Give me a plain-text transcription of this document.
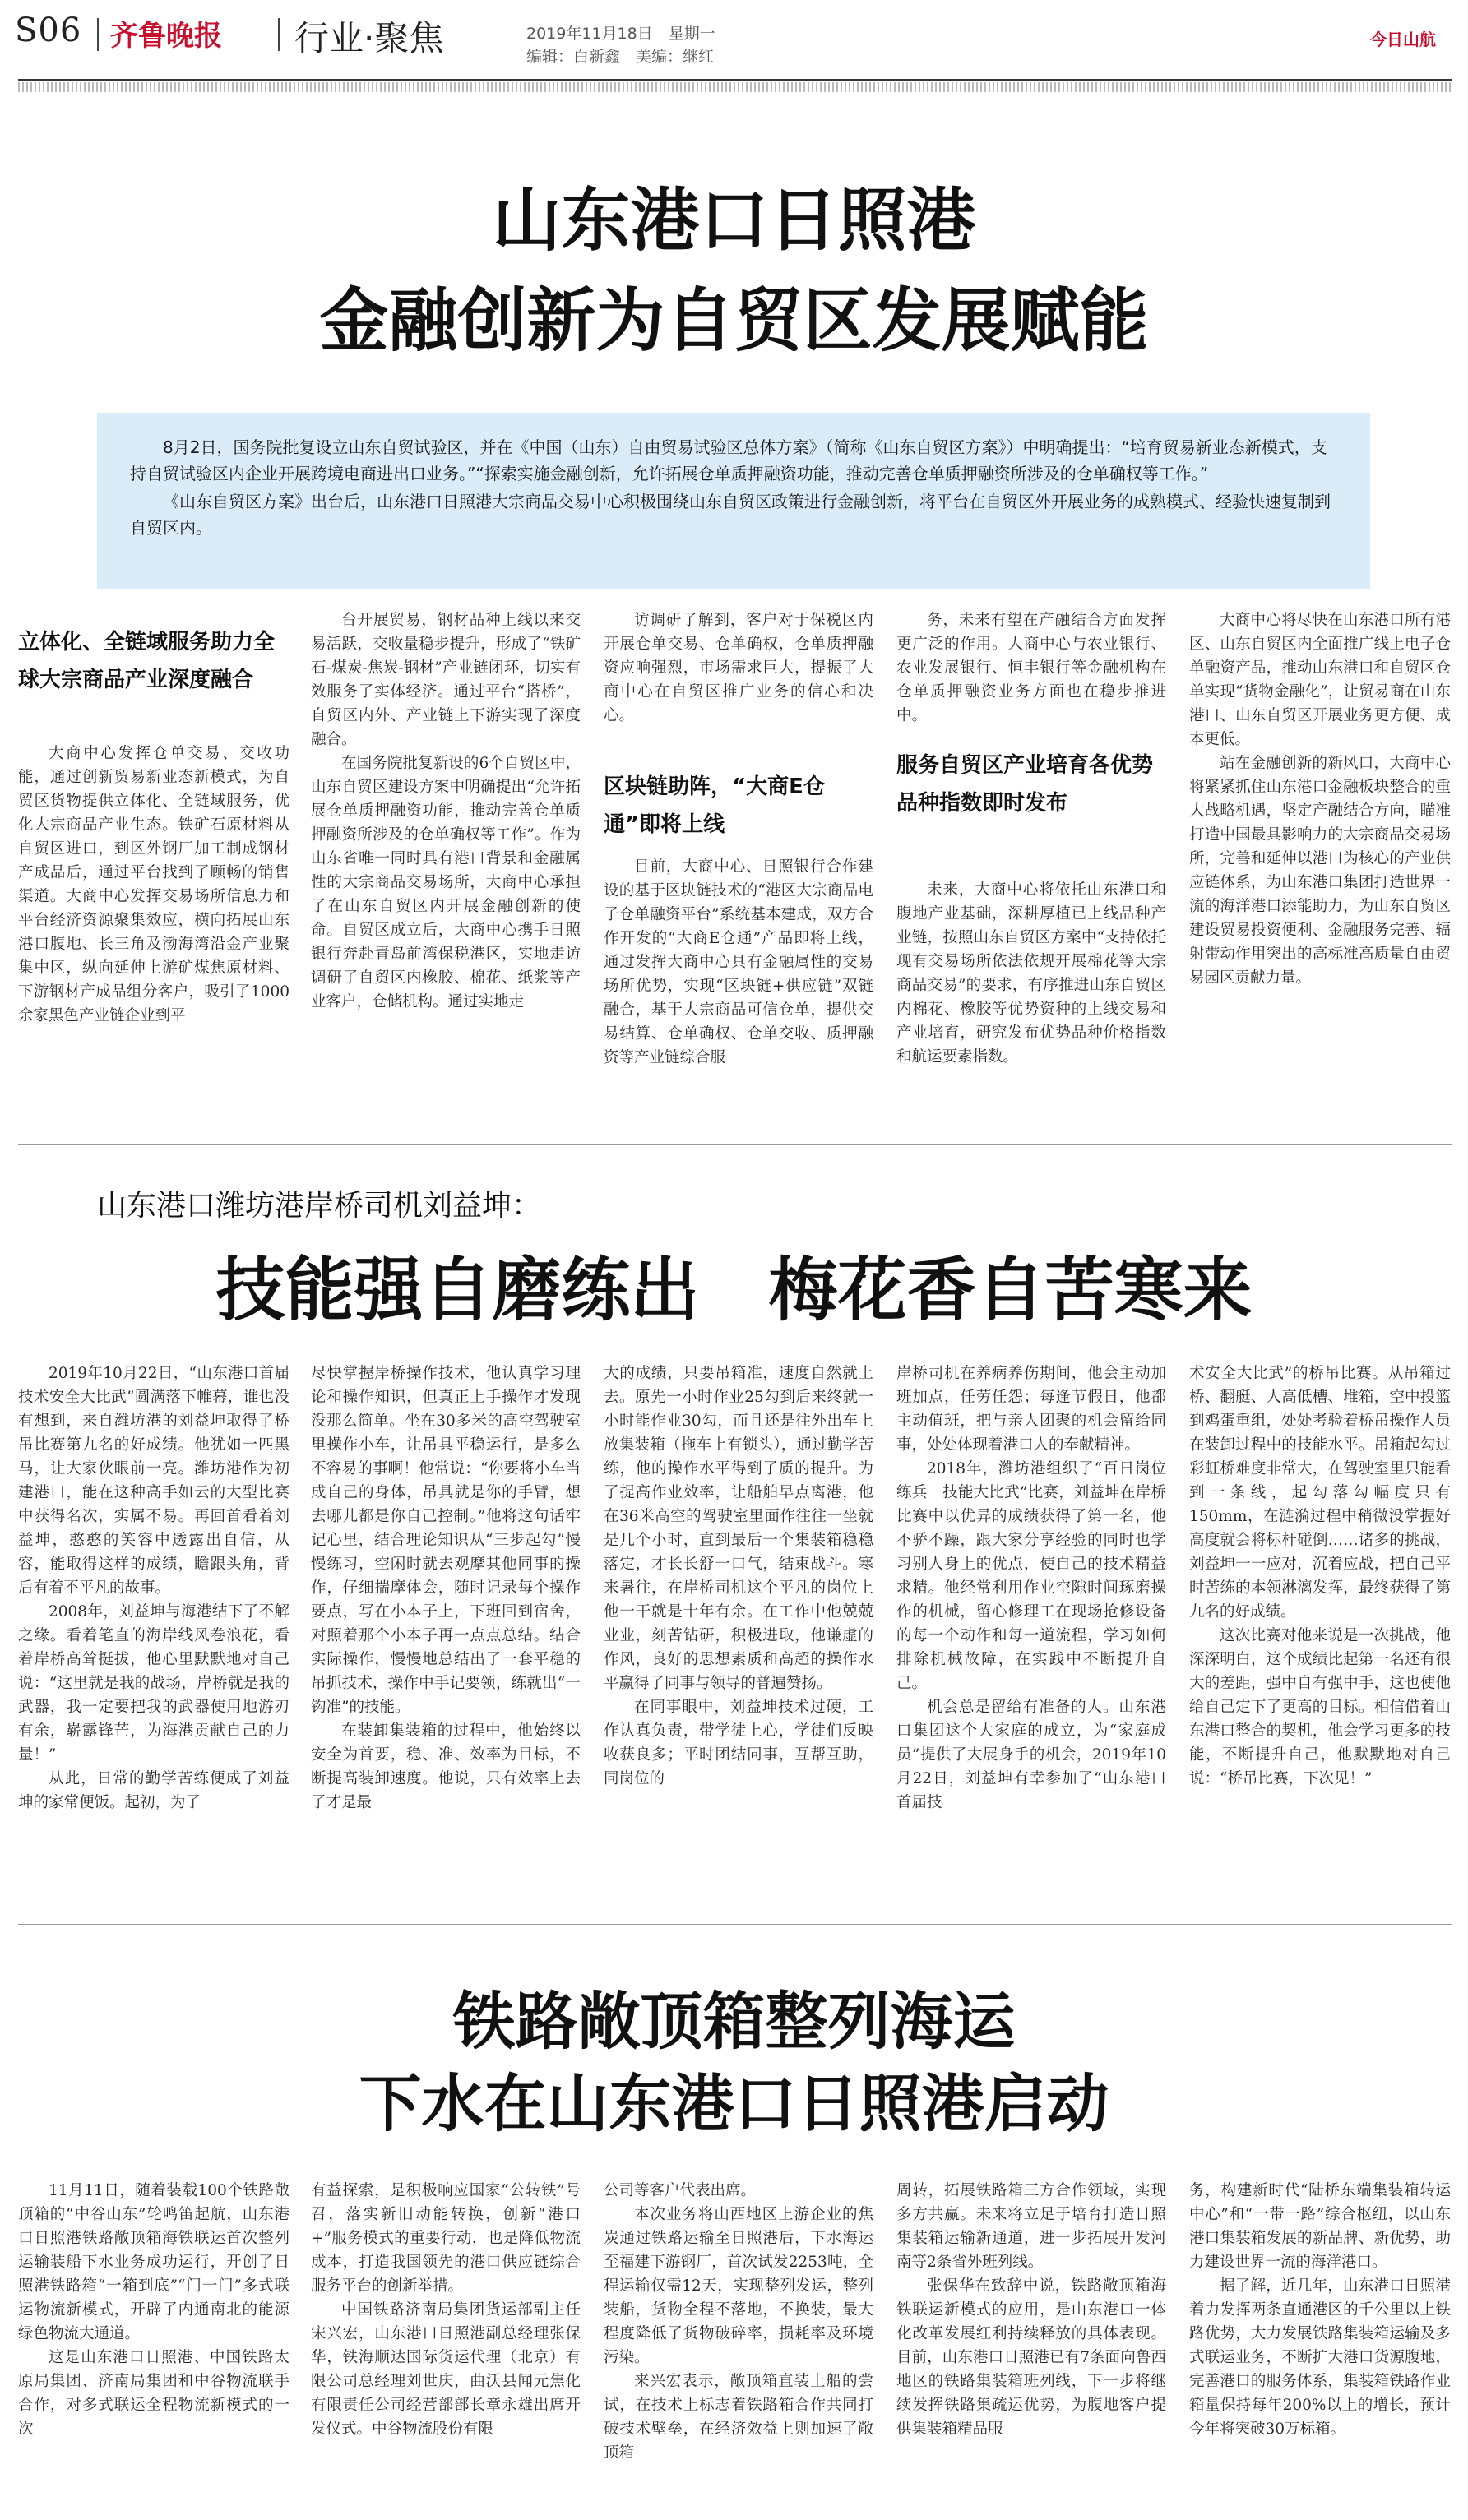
S06 齐鲁晚报 行业·聚焦	2019年11月18日　星期一
编辑：白新鑫　美编：继红
今日山航
山东港口日照港
金融创新为自贸区发展赋能

8月2日，国务院批复设立山东自贸试验区，并在《中国（山东）自由贸易试验区总体方案》（简称《山东自贸区方案》）中明确提出：“培育贸易新业态新模式，支持自贸试验区内企业开展跨境电商进出口业务。”“探索实施金融创新，允许拓展仓单质押融资功能，推动完善仓单质押融资所涉及的仓单确权等工作。”

《山东自贸区方案》出台后，山东港口日照港大宗商品交易中心积极围绕山东自贸区政策进行金融创新，将平台在自贸区外开展业务的成熟模式、经验快速复制到自贸区内。

立体化、全链域服务助力全球大宗商品产业深度融合

大商中心发挥仓单交易、交收功能，通过创新贸易新业态新模式，为自贸区货物提供立体化、全链域服务，优化大宗商品产业生态。铁矿石原材料从自贸区进口，到区外钢厂加工制成钢材产成品后，通过平台找到了顾畅的销售渠道。大商中心发挥交易场所信息力和平台经济资源聚集效应，横向拓展山东港口腹地、长三角及渤海湾沿金产业聚集中区，纵向延伸上游矿煤焦原材料、下游钢材产成品组分客户，吸引了1000余家黑色产业链企业到平

台开展贸易，钢材品种上线以来交易活跃，交收量稳步提升，形成了“铁矿石-煤炭-焦炭-钢材”产业链闭环，切实有效服务了实体经济。通过平台“搭桥”，自贸区内外、产业链上下游实现了深度融合。

在国务院批复新设的6个自贸区中，山东自贸区建设方案中明确提出“允许拓展仓单质押融资功能，推动完善仓单质押融资所涉及的仓单确权等工作”。作为山东省唯一同时具有港口背景和金融属性的大宗商品交易场所，大商中心承担了在山东自贸区内开展金融创新的使命。自贸区成立后，大商中心携手日照银行奔赴青岛前湾保税港区，实地走访调研了自贸区内橡胶、棉花、纸浆等产业客户，仓储机构。通过实地走

访调研了解到，客户对于保税区内开展仓单交易、仓单确权，仓单质押融资应响强烈，市场需求巨大，提振了大商中心在自贸区推广业务的信心和决心。

区块链助阵，“大商E仓通”即将上线

目前，大商中心、日照银行合作建设的基于区块链技术的“港区大宗商品电子仓单融资平台”系统基本建成，双方合作开发的“大商E仓通”产品即将上线，通过发挥大商中心具有金融属性的交易场所优势，实现“区块链+供应链”双链融合，基于大宗商品可信仓单，提供交易结算、仓单确权、仓单交收、质押融资等产业链综合服

务，未来有望在产融结合方面发挥更广泛的作用。大商中心与农业银行、农业发展银行、恒丰银行等金融机构在仓单质押融资业务方面也在稳步推进中。

服务自贸区产业培育各优势品种指数即时发布

未来，大商中心将依托山东港口和腹地产业基础，深耕厚植已上线品种产业链，按照山东自贸区方案中“支持依托现有交易场所依法依规开展棉花等大宗商品交易”的要求，有序推进山东自贸区内棉花、橡胶等优势资种的上线交易和产业培育，研究发布优势品种价格指数和航运要素指数。

大商中心将尽快在山东港口所有港区、山东自贸区内全面推广线上电子仓单融资产品，推动山东港口和自贸区仓单实现“货物金融化”，让贸易商在山东港口、山东自贸区开展业务更方便、成本更低。

站在金融创新的新风口，大商中心将紧紧抓住山东港口金融板块整合的重大战略机遇，坚定产融结合方向，瞄准打造中国最具影响力的大宗商品交易场所，完善和延伸以港口为核心的产业供应链体系，为山东港口集团打造世界一流的海洋港口添能助力，为山东自贸区建设贸易投资便利、金融服务完善、辐射带动作用突出的高标准高质量自由贸易园区贡献力量。

山东港口潍坊港岸桥司机刘益坤：
技能强自磨练出　梅花香自苦寒来

2019年10月22日，“山东港口首届技术安全大比武”圆满落下帷幕，谁也没有想到，来自潍坊港的刘益坤取得了桥吊比赛第九名的好成绩。他犹如一匹黑马，让大家伙眼前一亮。潍坊港作为初建港口，能在这种高手如云的大型比赛中获得名次，实属不易。再回首看着刘益坤，憨憨的笑容中透露出自信，从容，能取得这样的成绩，瞻跟头角，背后有着不平凡的故事。

2008年，刘益坤与海港结下了不解之缘。看着笔直的海岸线风卷浪花，看着岸桥高耸挺拔，他心里默默地对自己说：“这里就是我的战场，岸桥就是我的武器，我一定要把我的武器使用地游刃有余，崭露锋芒，为海港贡献自己的力量！”

从此，日常的勤学苦练便成了刘益坤的家常便饭。起初，为了

尽快掌握岸桥操作技术，他认真学习理论和操作知识，但真正上手操作才发现没那么简单。坐在30多米的高空驾驶室里操作小车，让吊具平稳运行，是多么不容易的事啊！他常说：“你要将小车当成自己的身体，吊具就是你的手臂，想去哪儿都是你自己控制。”他将这句话牢记心里，结合理论知识从“三步起勾”慢慢练习，空闲时就去观摩其他同事的操作，仔细揣摩体会，随时记录每个操作要点，写在小本子上，下班回到宿舍，对照着那个小本子再一点点总结。结合实际操作，慢慢地总结出了一套平稳的吊抓技术，操作中手记要领，练就出“一钩准”的技能。

在装卸集装箱的过程中，他始终以安全为首要，稳、准、效率为目标，不断提高装卸速度。他说，只有效率上去了才是最

大的成绩，只要吊箱准，速度自然就上去。原先一小时作业25勾到后来终就一小时能作业30勾，而且还是往外出车上放集装箱（拖车上有锁头），通过勤学苦练，他的操作水平得到了质的提升。为了提高作业效率，让船舶早点离港，他在36米高空的驾驶室里面作往往一坐就是几个小时，直到最后一个集装箱稳稳落定，才长长舒一口气，结束战斗。寒来暑往，在岸桥司机这个平凡的岗位上他一干就是十年有余。在工作中他兢兢业业，刻苦钻研，积极进取，他谦虚的作风，良好的思想素质和高超的操作水平赢得了同事与领导的普遍赞扬。

在同事眼中，刘益坤技术过硬，工作认真负责，带学徒上心，学徒们反映收获良多；平时团结同事，互帮互助，同岗位的

岸桥司机在养病养伤期间，他会主动加班加点，任劳任怨；每逢节假日，他都主动值班，把与亲人团聚的机会留给同事，处处体现着港口人的奉献精神。

2018年，潍坊港组织了“百日岗位练兵　技能大比武”比赛，刘益坤在岸桥比赛中以优异的成绩获得了第一名，他不骄不躁，跟大家分享经验的同时也学习别人身上的优点，使自己的技术精益求精。他经常利用作业空隙时间琢磨操作的机械，留心修理工在现场抢修设备的每一个动作和每一道流程，学习如何排除机械故障，在实践中不断提升自己。

机会总是留给有准备的人。山东港口集团这个大家庭的成立，为“家庭成员”提供了大展身手的机会，2019年10月22日，刘益坤有幸参加了“山东港口首届技

术安全大比武”的桥吊比赛。从吊箱过桥、翻艇、人高低槽、堆箱，空中投篮到鸡蛋重组，处处考验着桥吊操作人员在装卸过程中的技能水平。吊箱起勾过彩虹桥难度非常大，在驾驶室里只能看到一条线，起勾落勾幅度只有150mm，在涟漪过程中稍微没掌握好高度就会将标杆碰倒……诸多的挑战，刘益坤一一应对，沉着应战，把自己平时苦练的本领淋漓发挥，最终获得了第九名的好成绩。

这次比赛对他来说是一次挑战，他深深明白，这个成绩比起第一名还有很大的差距，强中自有强中手，这也使他给自己定下了更高的目标。相信借着山东港口整合的契机，他会学习更多的技能，不断提升自己，他默默地对自己说：“桥吊比赛，下次见！”

铁路敞顶箱整列海运
下水在山东港口日照港启动

11月11日，随着装载100个铁路敞顶箱的“中谷山东”轮鸣笛起航，山东港口日照港铁路敞顶箱海铁联运首次整列运输装船下水业务成功运行，开创了日照港铁路箱“一箱到底”“门一门”多式联运物流新模式，开辟了内通南北的能源绿色物流大通道。

这是山东港口日照港、中国铁路太原局集团、济南局集团和中谷物流联手合作，对多式联运全程物流新模式的一次

有益探索，是积极响应国家“公转铁”号召，落实新旧动能转换，创新“港口+”服务模式的重要行动，也是降低物流成本，打造我国领先的港口供应链综合服务平台的创新举措。

中国铁路济南局集团货运部副主任宋兴宏，山东港口日照港副总经理张保华，铁海顺达国际货运代理（北京）有限公司总经理刘世庆，曲沃县闻元焦化有限责任公司经营部部长章永雄出席开发仪式。中谷物流股份有限

公司等客户代表出席。

本次业务将山西地区上游企业的焦炭通过铁路运输至日照港后，下水海运至福建下游钢厂，首次试发2253吨，全程运输仅需12天，实现整列发运，整列装船，货物全程不落地，不换装，最大程度降低了货物破碎率，损耗率及环境污染。

来兴宏表示，敞顶箱直装上船的尝试，在技术上标志着铁路箱合作共同打破技术壁垒，在经济效益上则加速了敞顶箱

周转，拓展铁路箱三方合作领域，实现多方共赢。未来将立足于培育打造日照集装箱运输新通道，进一步拓展开发河南等2条省外班列线。

张保华在致辞中说，铁路敞顶箱海铁联运新模式的应用，是山东港口一体化改革发展红利持续释放的具体表现。目前，山东港口日照港已有7条面向鲁西地区的铁路集装箱班列线，下一步将继续发挥铁路集疏运优势，为腹地客户提供集装箱精品服

务，构建新时代“陆桥东端集装箱转运中心”和“一带一路”综合枢纽，以山东港口集装箱发展的新品牌、新优势，助力建设世界一流的海洋港口。

据了解，近几年，山东港口日照港着力发挥两条直通港区的千公里以上铁路优势，大力发展铁路集装箱运输及多式联运业务，不断扩大港口货源腹地，完善港口的服务体系，集装箱铁路作业箱量保持每年200%以上的增长，预计今年将突破30万标箱。
